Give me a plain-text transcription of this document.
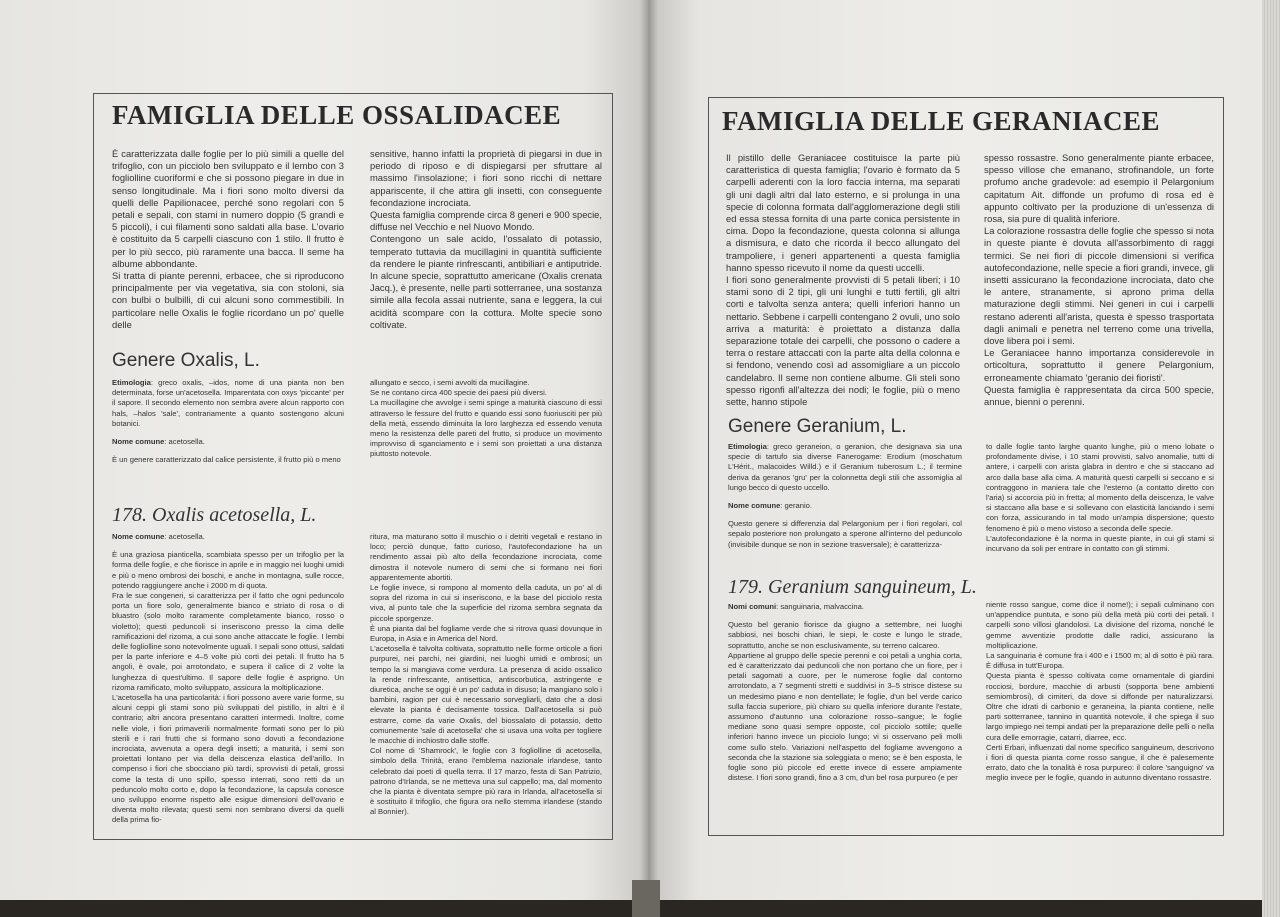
FAMIGLIA DELLE OSSALIDACEE

È caratterizzata dalle foglie per lo più simili a quelle del trifoglio, con un picciolo ben sviluppato e il lembo con 3 fogliolline cuoriformi e che si possono piegare in due in senso longitudinale. Ma i fiori sono molto diversi da quelli delle Papilionacee, perché sono regolari con 5 petali e sepali, con stami in numero doppio (5 grandi e 5 piccoli), i cui filamenti sono saldati alla base. L'ovario è costituito da 5 carpelli ciascuno con 1 stilo. Il frutto è per lo più secco, più raramente una bacca. Il seme ha albume abbondante.

Si tratta di piante perenni, erbacee, che si riproducono principalmente per via vegetativa, sia con stoloni, sia con bulbi o bulbilli, di cui alcuni sono commestibili. In particolare nelle Oxalis le foglie ricordano un po' quelle delle

sensitive, hanno infatti la proprietà di piegarsi in due in periodo di riposo e di dispiegarsi per sfruttare al massimo l'insolazione; i fiori sono ricchi di nettare appariscente, il che attira gli insetti, con conseguente fecondazione incrociata.

Questa famiglia comprende circa 8 generi e 900 specie, diffuse nel Vecchio e nel Nuovo Mondo.

Contengono un sale acido, l'ossalato di potassio, temperato tuttavia da mucillagini in quantità sufficiente da rendere le piante rinfrescanti, antibiliari e antiputride. In alcune specie, soprattutto americane (Oxalis crenata Jacq.), è presente, nelle parti sotterranee, una sostanza simile alla fecola assai nutriente, sana e leggera, la cui acidità scompare con la cottura. Molte specie sono coltivate.

Genere Oxalis, L.

Etimologia: greco oxalis, –idos, nome di una pianta non ben determinata, forse un'acetosella. Imparentata con oxys 'piccante' per il sapore. Il secondo elemento non sembra avere alcun rapporto con hals, –halos 'sale', contrariamente a quanto sostengono alcuni botanici.

Nome comune: acetosella.

È un genere caratterizzato dal calice persistente, il frutto più o meno

allungato e secco, i semi avvolti da mucillagine.

Se ne contano circa 400 specie dei paesi più diversi.

La mucillagine che avvolge i semi spinge a maturità ciascuno di essi attraverso le fessure del frutto e quando essi sono fuoriusciti per più della metà, essendo diminuita la loro larghezza ed essendo venuta meno la resistenza delle pareti del frutto, si produce un movimento improvviso di sganciamento e i semi son proiettati a una distanza piuttosto notevole.

178. Oxalis acetosella, L.

Nome comune: acetosella.

È una graziosa pianticella, scambiata spesso per un trifoglio per la forma delle foglie, e che fiorisce in aprile e in maggio nei luoghi umidi e più o meno ombrosi dei boschi, e anche in montagna, sulle rocce, potendo raggiungere anche i 2000 m di quota.

Fra le sue congeneri, si caratterizza per il fatto che ogni peduncolo porta un fiore solo, generalmente bianco e striato di rosa o di bluastro (solo molto raramente completamente bianco, rosso o violetto); questi peduncoli si inseriscono presso la cima delle ramificazioni del rizoma, a cui sono anche attaccate le foglie. I lembi delle fogliolline sono notevolmente uguali. I sepali sono ottusi, saldati per la parte inferiore e 4–5 volte più corti dei petali. Il frutto ha 5 angoli, è ovale, poi arrotondato, e supera il calice di 2 volte la lunghezza di quest'ultimo. Il sapore delle foglie è asprigno. Un rizoma ramificato, molto sviluppato, assicura la moltiplicazione.

L'acetosella ha una particolarità: i fiori possono avere varie forme, su alcuni ceppi gli stami sono più sviluppati del pistillo, in altri è il contrario; altri ancora presentano caratteri intermedi. Inoltre, come nelle viole, i fiori primaverili normalmente formati sono per lo più sterili e i rari frutti che si formano sono dovuti a fecondazione incrociata, avvenuta a opera degli insetti; a maturità, i semi son proiettati lontano per via della deiscenza elastica dell'arillo. In compenso i fiori che sbocciano più tardi, sprovvisti di petali, grossi come la testa di uno spillo, spesso interrati, sono retti da un peduncolo molto corto e, dopo la fecondazione, la capsula conosce uno sviluppo enorme rispetto alle esigue dimensioni dell'ovario e diventa molto rilevata; questi semi non sembrano diversi da quelli della prima fio-

ritura, ma maturano sotto il muschio o i detriti vegetali e restano in loco; perciò dunque, fatto curioso, l'autofecondazione ha un rendimento assai più alto della fecondazione incrociata, come dimostra il notevole numero di semi che si formano nei fiori apparentemente abortiti.

Le foglie invece, si rompono al momento della caduta, un po' al di sopra del rizoma in cui si inseriscono, e la base del picciolo resta viva, al punto tale che la superficie del rizoma sembra segnata da piccole sporgenze.

È una pianta dal bel fogliame verde che si ritrova quasi dovunque in Europa, in Asia e in America del Nord.

L'acetosella è talvolta coltivata, soprattutto nelle forme orticole a fiori purpurei, nei parchi, nei giardini, nei luoghi umidi e ombrosi; un tempo la si mangiava come verdura. La presenza di acido ossalico la rende rinfrescante, antisettica, antiscorbutica, astringente e diuretica, anche se oggi è un po' caduta in disuso; la mangiano solo i bambini, ragion per cui è necessario sorvegliarli, dato che a dosi elevate la pianta è decisamente tossica. Dall'acetosella si può estrarre, come da varie Oxalis, del biossalato di potassio, detto comunemente 'sale di acetosella' che si usava una volta per togliere le macchie di inchiostro dalle stoffe.

Col nome di 'Shamrock', le foglie con 3 fogliolline di acetosella, simbolo della Trinità, erano l'emblema nazionale irlandese, tanto celebrato dai poeti di quella terra. Il 17 marzo, festa di San Patrizio, patrono d'Irlanda, se ne metteva una sul cappello; ma, dal momento che la pianta è diventata sempre più rara in Irlanda, all'acetosella si è sostituito il trifoglio, che figura ora nello stemma irlandese (stando al Bonnier).

FAMIGLIA DELLE GERANIACEE

Il pistillo delle Geraniacee costituisce la parte più caratteristica di questa famiglia; l'ovario è formato da 5 carpelli aderenti con la loro faccia interna, ma separati gli uni dagli altri dal lato esterno, e si prolunga in una specie di colonna formata dall'agglomerazione degli stili ed essa stessa fornita di una parte conica persistente in cima. Dopo la fecondazione, questa colonna si allunga a dismisura, e dato che ricorda il becco allungato del trampoliere, i generi appartenenti a questa famiglia hanno spesso ricevuto il nome da questi uccelli.

I fiori sono generalmente provvisti di 5 petali liberi; i 10 stami sono di 2 tipi, gli uni lunghi e tutti fertili, gli altri corti e talvolta senza antera; quelli inferiori hanno un nettario. Sebbene i carpelli contengano 2 ovuli, uno solo arriva a maturità: è proiettato a distanza dalla separazione totale dei carpelli, che possono o cadere a terra o restare attaccati con la parte alta della colonna e si fendono, venendo così ad assomigliare a un piccolo candelabro. Il seme non contiene albume. Gli steli sono spesso rigonfi all'altezza dei nodi; le foglie, più o meno sette, hanno stipole

spesso rossastre. Sono generalmente piante erbacee, spesso villose che emanano, strofinandole, un forte profumo anche gradevole: ad esempio il Pelargonium capitatum Ait. diffonde un profumo di rosa ed è appunto coltivato per la produzione di un'essenza di rosa, sia pure di qualità inferiore.

La colorazione rossastra delle foglie che spesso si nota in queste piante è dovuta all'assorbimento di raggi termici. Se nei fiori di piccole dimensioni si verifica autofecondazione, nelle specie a fiori grandi, invece, gli insetti assicurano la fecondazione incrociata, dato che le antere, stranamente, si aprono prima della maturazione degli stimmi. Nei generi in cui i carpelli restano aderenti all'arista, questa è spesso trasportata dagli animali e penetra nel terreno come una trivella, dove libera poi i semi.

Le Geraniacee hanno importanza considerevole in orticoltura, soprattutto il genere Pelargonium, erroneamente chiamato 'geranio dei fioristi'.

Questa famiglia è rappresentata da circa 500 specie, annue, bienni o perenni.

Genere Geranium, L.

Etimologia: greco geraneion, o geranion, che designava sia una specie di tartufo sia diverse Fanerogame: Erodium (moschatum L'Hérit., malacoides Willd.) e il Geranium tuberosum L.; il termine deriva da geranos 'gru' per la colonnetta degli stili che assomiglia al lungo becco di questo uccello.

Nome comune: geranio.

Questo genere si differenzia dal Pelargonium per i fiori regolari, col sepalo posteriore non prolungato a sperone all'interno del peduncolo (invisibile dunque se non in sezione trasversale); è caratterizza-

to dalle foglie tanto larghe quanto lunghe, più o meno lobate o profondamente divise, i 10 stami provvisti, salvo anomalie, tutti di antere, i carpelli con arista glabra in dentro e che si staccano ad arco dalla base alla cima. A maturità questi carpelli si seccano e si contraggono in maniera tale che l'esterno (a contatto diretto con l'aria) si accorcia più in fretta; al momento della deiscenza, le valve si staccano alla base e si sollevano con elasticità lanciando i semi con forza, assicurando in tal modo un'ampia dispersione; questo fenomeno è più o meno vistoso a seconda delle specie.

L'autofecondazione è la norma in queste piante, in cui gli stami si incurvano da soli per entrare in contatto con gli stimmi.

179. Geranium sanguineum, L.

Nomi comuni: sanguinaria, malvaccina.

Questo bel geranio fiorisce da giugno a settembre, nei luoghi sabbiosi, nei boschi chiari, le siepi, le coste e lungo le strade, soprattutto, anche se non esclusivamente, su terreno calcareo.

Appartiene al gruppo delle specie perenni e coi petali a unghia corta, ed è caratterizzato dai peduncoli che non portano che un fiore, per i petali sagomati a cuore, per le numerose foglie dal contorno arrotondato, a 7 segmenti stretti e suddivisi in 3–5 strisce distese su un medesimo piano e non dentellate; le foglie, d'un bel verde carico sulla faccia superiore, più chiaro su quella inferiore durante l'estate, assumono d'autunno una colorazione rosso–sangue; le foglie mediane sono quasi sempre opposte, col picciolo sottile; quelle inferiori hanno invece un picciolo lungo; vi si osservano peli molli come sullo stelo. Variazioni nell'aspetto del fogliame avvengono a seconda che la stazione sia soleggiata o meno; se è ben esposta, le foglie sono più piccole ed erette invece di essere ampiamente distese. I fiori sono grandi, fino a 3 cm, d'un bel rosa purpureo (e per

niente rosso sangue, come dice il nome!); i sepali culminano con un'appendice puntuta, e sono più della metà più corti dei petali. I carpelli sono villosi glandolosi. La divisione del rizoma, nonché le gemme avventizie prodotte dalle radici, assicurano la moltiplicazione.

La sanguinaria è comune fra i 400 e i 1500 m; al di sotto è più rara. È diffusa in tutt'Europa.

Questa pianta è spesso coltivata come ornamentale di giardini rocciosi, bordure, macchie di arbusti (sopporta bene ambienti semiombrosi), di cimiteri, da dove si diffonde per naturalizzarsi. Oltre che idrati di carbonio e geraneina, la pianta contiene, nelle parti sotterranee, tannino in quantità notevole, il che spiega il suo largo impiego nei tempi andati per la preparazione delle pelli o nella cura delle emorragie, catarri, diarree, ecc.

Certi Erbari, influenzati dal nome specifico sanguineum, descrivono i fiori di questa pianta come rosso sangue, il che è palesemente errato, dato che la tonalità è rosa purpureo: il colore 'sanguigno' va meglio invece per le foglie, quando in autunno diventano rossastre.
